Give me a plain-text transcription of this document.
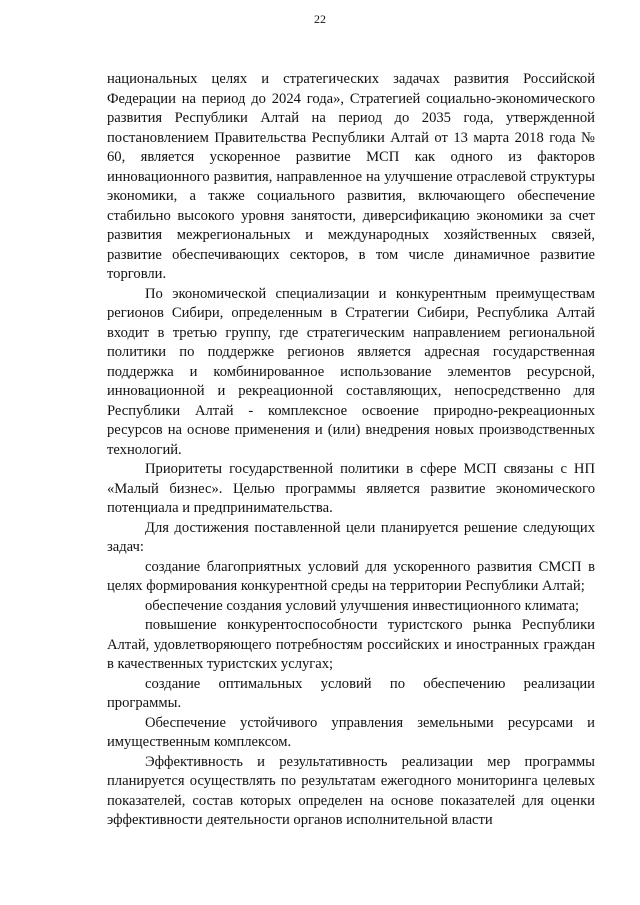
22

национальных целях и стратегических задачах развития Российской Федерации на период до 2024 года», Стратегией социально-экономического развития Республики Алтай на период до 2035 года, утвержденной постановлением Правительства Республики Алтай от 13 марта 2018 года № 60, является ускоренное развитие МСП как одного из факторов инновационного развития, направленное на улучшение отраслевой структуры экономики, а также социального развития, включающего обеспечение стабильно высокого уровня занятости, диверсификацию экономики за счет развития межрегиональных и международных хозяйственных связей, развитие обеспечивающих секторов, в том числе динамичное развитие торговли.

По экономической специализации и конкурентным преимуществам регионов Сибири, определенным в Стратегии Сибири, Республика Алтай входит в третью группу, где стратегическим направлением региональной политики по поддержке регионов является адресная государственная поддержка и комбинированное использование элементов ресурсной, инновационной и рекреационной составляющих, непосредственно для Республики Алтай - комплексное освоение природно-рекреационных ресурсов на основе применения и (или) внедрения новых производственных технологий.

Приоритеты государственной политики в сфере МСП связаны с НП «Малый бизнес». Целью программы является развитие экономического потенциала и предпринимательства.

Для достижения поставленной цели планируется решение следующих задач:

создание благоприятных условий для ускоренного развития СМСП в целях формирования конкурентной среды на территории Республики Алтай;

обеспечение создания условий улучшения инвестиционного климата;

повышение конкурентоспособности туристского рынка Республики Алтай, удовлетворяющего потребностям российских и иностранных граждан в качественных туристских услугах;

создание оптимальных условий по обеспечению реализации программы.

Обеспечение устойчивого управления земельными ресурсами и имущественным комплексом.

Эффективность и результативность реализации мер программы планируется осуществлять по результатам ежегодного мониторинга целевых показателей, состав которых определен на основе показателей для оценки эффективности деятельности органов исполнительной власти
